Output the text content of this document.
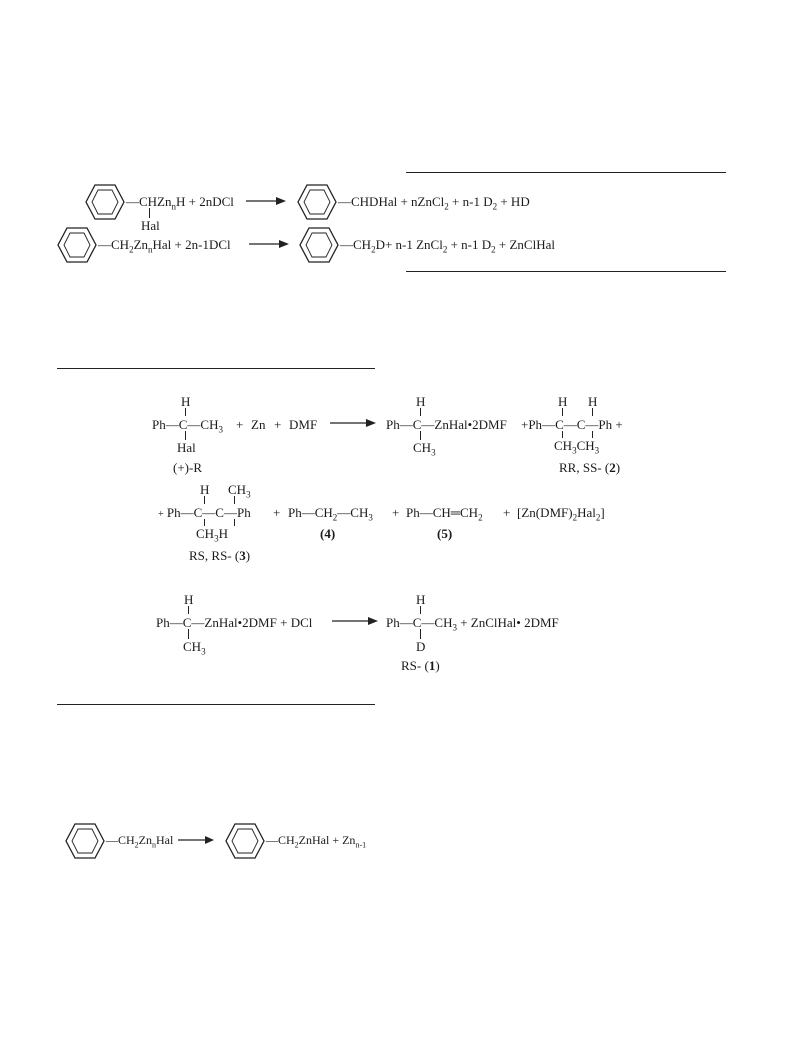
—CHZn$_n$H + 2nDCl
Hal
—CHDHal + nZnCl$_2$ + n-1 $D_2$ + HD
$—CH_2Zn_nHal + 2n-1DCl$ →	$—CH_2D+ n-1$ ZnCl$_2$ + n-1 $D_2$ + ZnClHal
H
$Ph—C—CH_3$
Hal
(+)-R
+ Zn + DMF →
H
Ph—C—ZnHal•2DMF
$CH_3$
H H
+Ph—C—C—Ph +
$CH_3CH_3$
RR, SS- (2)
H $CH_3$
+ Ph—C—C—Ph
$CH_3H$
RS, RS- (3)
+ $Ph—CH_2—CH_3$
(4)
+ $Ph—CH═CH_2$
(5)
+ $[Zn(DMF)_2Hal_2]$
H
Ph—C—ZnHal•2DMF + DCl
$CH_3$
H
$Ph—C—CH_3$ + ZnClHal• 2DMF
D
RS- (1)
$—CH_2Zn_nHal$ →	$—CH_2ZnHal + Zn_{n-1}$
